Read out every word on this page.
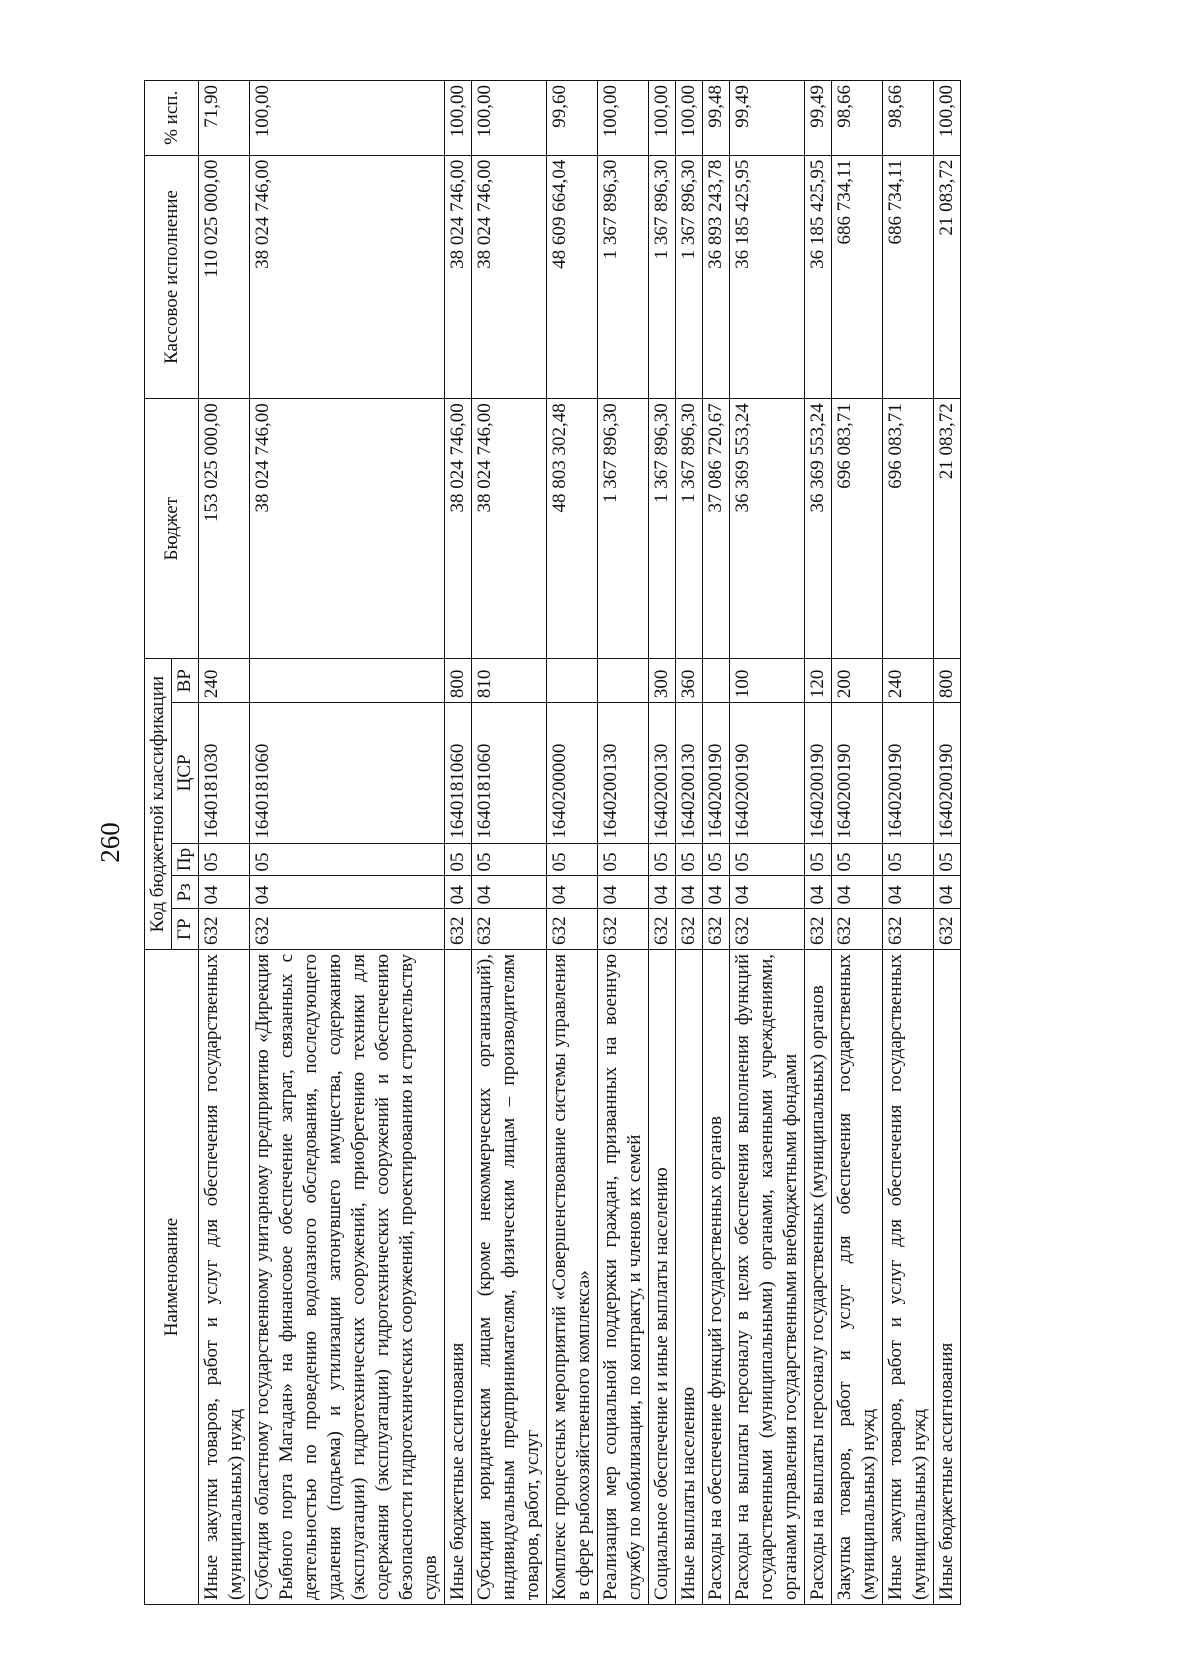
260
Наименование	Код бюджетной классификации					Бюджет	Кассовое исполнение	% исп.
	ГР	Рз	Пр	ЦСР	ВР			
Иные закупки товаров, работ и услуг для обеспечения государственных (муниципальных) нужд	632	04	05	1640181030	240	153 025 000,00	110 025 000,00	71,90
Субсидия областному государственному унитарному предприятию «Дирекция Рыбного порта Магадан» на финансовое обеспечение затрат, связанных с деятельностью по проведению водолазного обследования, последующего удаления (подъема) и утилизации затонувшего имущества, содержанию (эксплуатации) гидротехнических сооружений, приобретению техники для содержания (эксплуатации) гидротехнических сооружений и обеспечению безопасности гидротехнических сооружений, проектированию и строительству судов	632	04	05	1640181060		38 024 746,00	38 024 746,00	100,00
Иные бюджетные ассигнования	632	04	05	1640181060	800	38 024 746,00	38 024 746,00	100,00
Субсидии юридическим лицам (кроме некоммерческих организаций), индивидуальным предпринимателям, физическим лицам – производителям товаров, работ, услуг	632	04	05	1640181060	810	38 024 746,00	38 024 746,00	100,00
Комплекс процессных мероприятий «Совершенствование системы управления в сфере рыбохозяйственного комплекса»	632	04	05	1640200000		48 803 302,48	48 609 664,04	99,60
Реализация мер социальной поддержки граждан, призванных на военную службу по мобилизации, по контракту, и членов их семей	632	04	05	1640200130		1 367 896,30	1 367 896,30	100,00
Социальное обеспечение и иные выплаты населению	632	04	05	1640200130	300	1 367 896,30	1 367 896,30	100,00
Иные выплаты населению	632	04	05	1640200130	360	1 367 896,30	1 367 896,30	100,00
Расходы на обеспечение функций государственных органов	632	04	05	1640200190		37 086 720,67	36 893 243,78	99,48
Расходы на выплаты персоналу в целях обеспечения выполнения функций государственными (муниципальными) органами, казенными учреждениями, органами управления государственными внебюджетными фондами	632	04	05	1640200190	100	36 369 553,24	36 185 425,95	99,49
Расходы на выплаты персоналу государственных (муниципальных) органов	632	04	05	1640200190	120	36 369 553,24	36 185 425,95	99,49
Закупка товаров, работ и услуг для обеспечения государственных (муниципальных) нужд	632	04	05	1640200190	200	696 083,71	686 734,11	98,66
Иные закупки товаров, работ и услуг для обеспечения государственных (муниципальных) нужд	632	04	05	1640200190	240	696 083,71	686 734,11	98,66
Иные бюджетные ассигнования	632	04	05	1640200190	800	21 083,72	21 083,72	100,00
